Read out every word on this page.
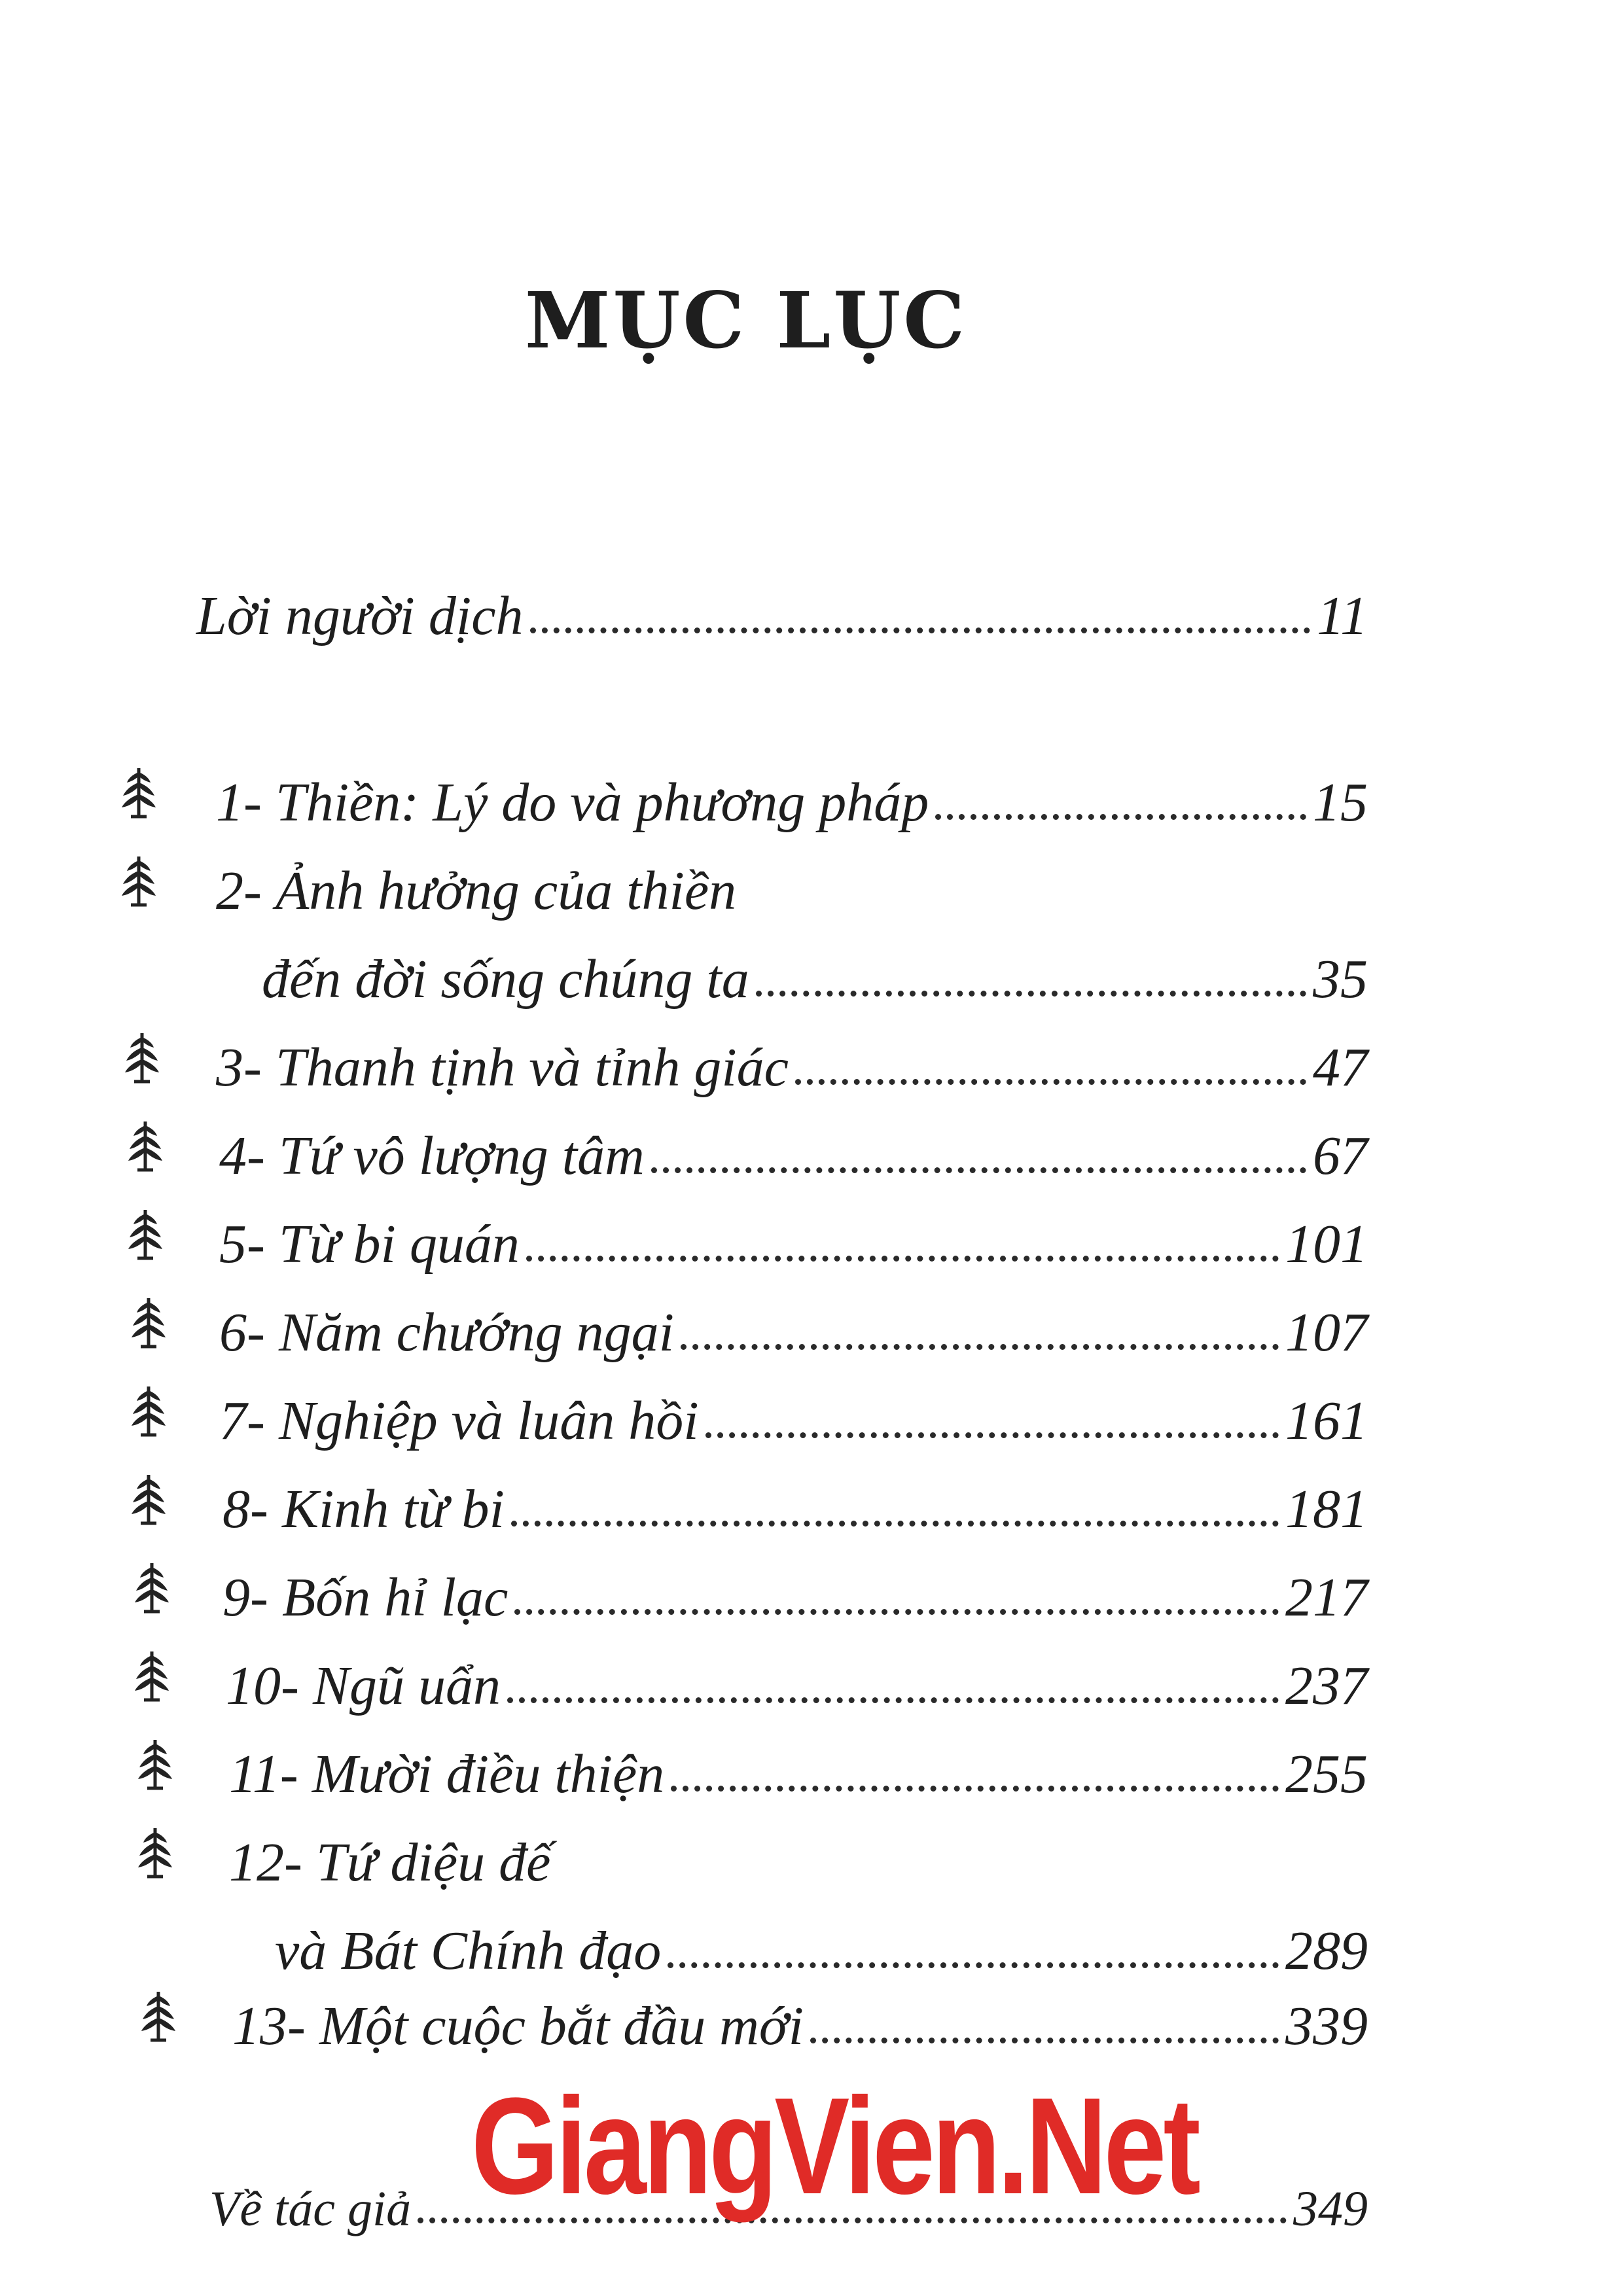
MỤC LỤC
Lời người dịch	11
1- Thiền: Lý do và phương pháp	15
2- Ảnh hưởng của thiền
đến đời sống chúng ta	35
3- Thanh tịnh và tỉnh giác	47
4- Tứ vô lượng tâm	67
5- Từ bi quán	101
6- Năm chướng ngại	107
7- Nghiệp và luân hồi	161
8- Kinh từ bi	181
9- Bốn hỉ lạc	217
10- Ngũ uẩn	237
11- Mười điều thiện	255
12- Tứ diệu đế
và Bát Chính đạo	289
13- Một cuộc bắt đầu mới	339
Về tác giả	349
GiangVien.Net
